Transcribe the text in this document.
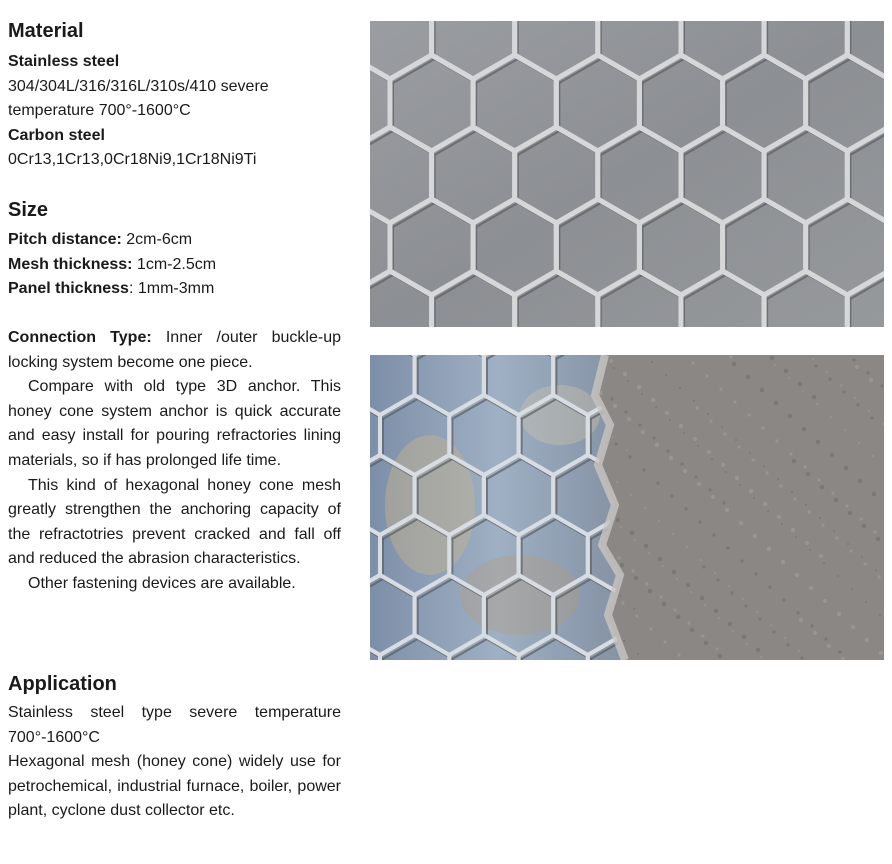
Material
Stainless steel
304/304L/316/316L/310s/410 severe temperature 700°-1600°C
Carbon steel
0Cr13,1Cr13,0Cr18Ni9,1Cr18Ni9Ti
Size
Pitch distance: 2cm-6cm
Mesh thickness: 1cm-2.5cm
Panel thickness: 1mm-3mm

Connection Type: Inner /outer buckle-up locking system become one piece.

Compare with old type 3D anchor. This honey cone system anchor is quick accurate and easy install for pouring refractories lining materials, so if has prolonged life time.

This kind of hexagonal honey cone mesh greatly strengthen the anchoring capacity of the refractotries prevent cracked and fall off and reduced the abrasion characteristics.

Other fastening devices are available.

Application

Stainless steel type severe temperature 700°-1600°C

Hexagonal mesh (honey cone) widely use for petrochemical, industrial furnace, boiler, power plant, cyclone dust collector etc.
